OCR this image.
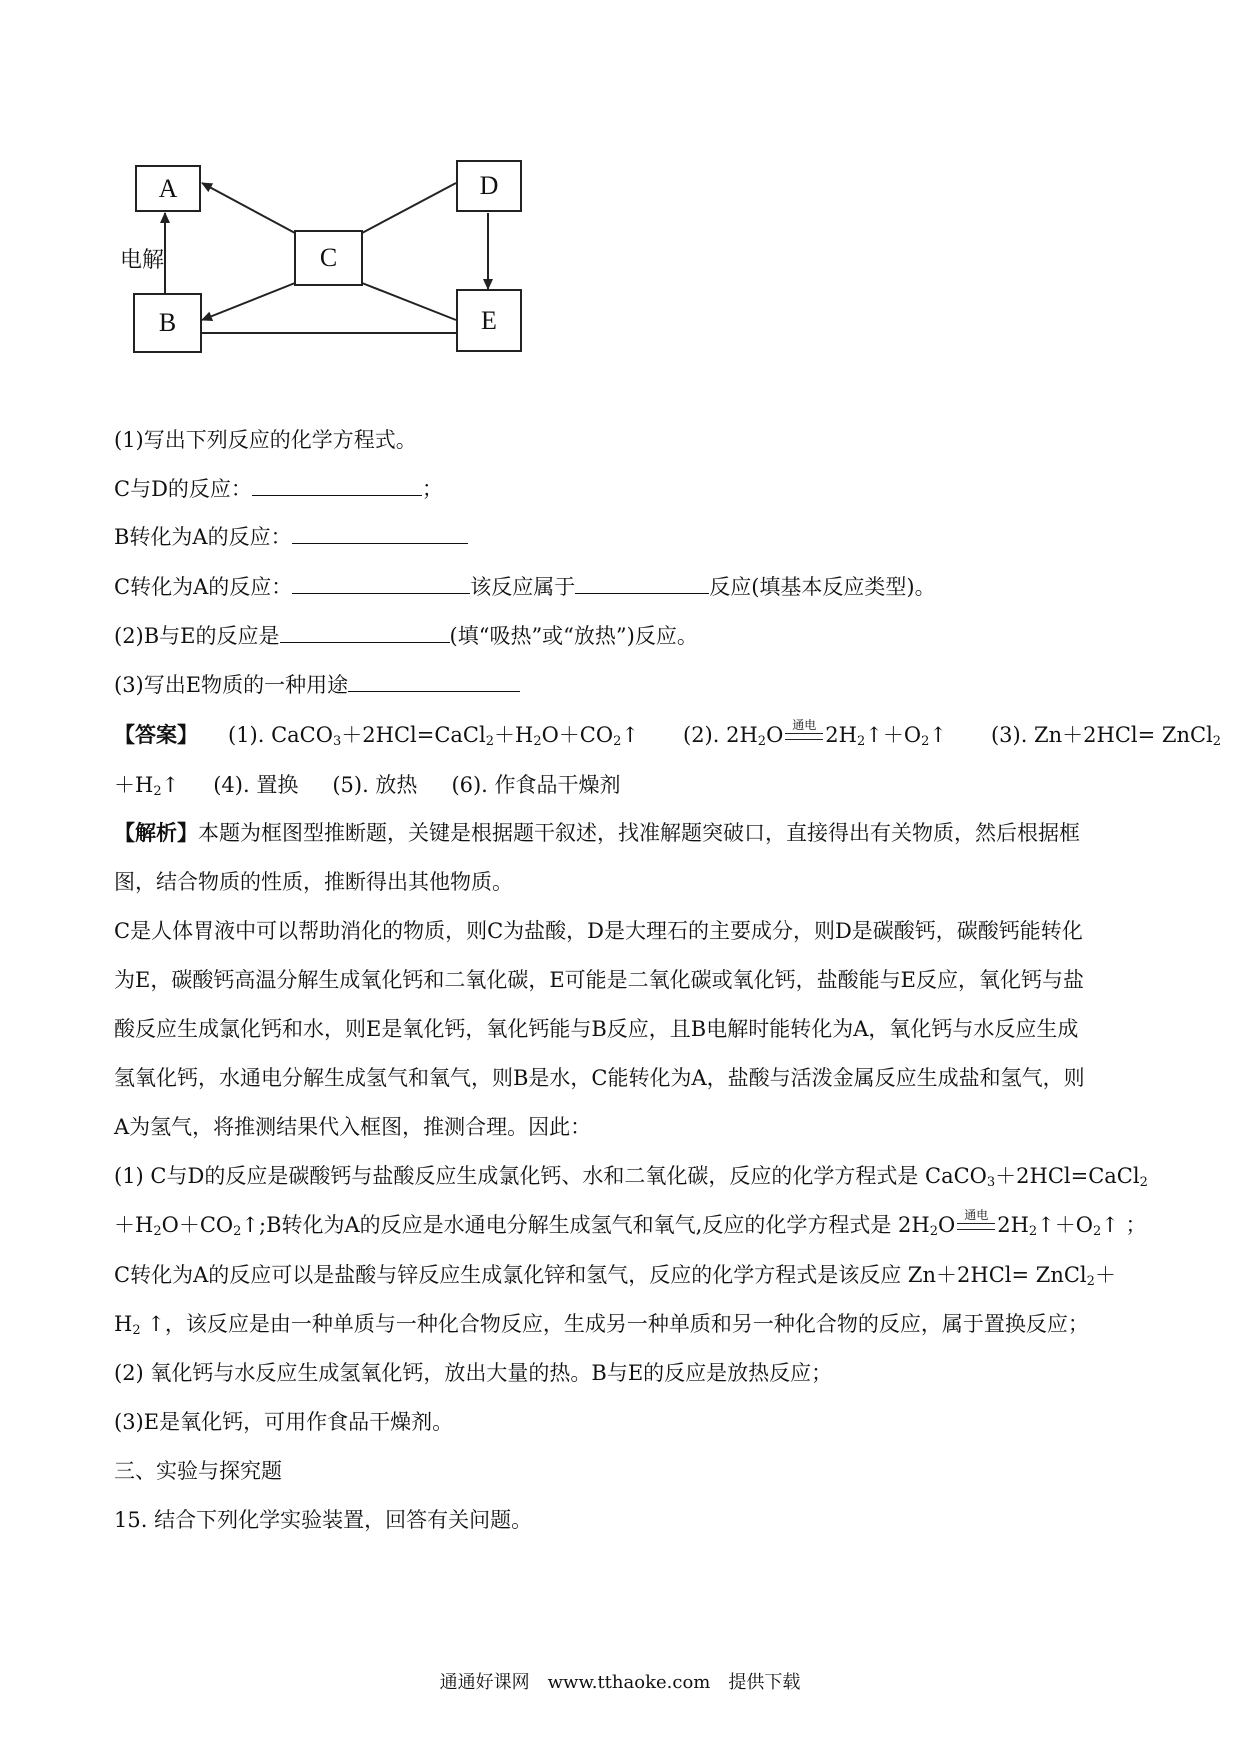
A	D
C
B	E
电解
(1)写出下列反应的化学方程式。
C与D的反应：	；
B转化为A的反应：
C转化为A的反应：	该反应属于	反应(填基本反应类型)。
(2)B与E的反应是	(填“吸热”或“放热”)反应。
(3)写出E物质的一种用途
【答案】 (1). $CaCO_3+2HCl=CaCl_2+H_2O+CO_2↑$ (2). $2H_2O$ 通电 $2H_2↑+O_2↑$ (3). Zn＋2HCl= ZnCl$_2$
$+H_2↑$ (4). 置换 (5). 放热 (6). 作食品干燥剂
【解析】本题为框图型推断题，关键是根据题干叙述，找准解题突破口，直接得出有关物质，然后根据框
图，结合物质的性质，推断得出其他物质。
C是人体胃液中可以帮助消化的物质，则C为盐酸，D是大理石的主要成分，则D是碳酸钙，碳酸钙能转化
为E，碳酸钙高温分解生成氧化钙和二氧化碳，E可能是二氧化碳或氧化钙，盐酸能与E反应，氧化钙与盐
酸反应生成氯化钙和水，则E是氧化钙，氧化钙能与B反应，且B电解时能转化为A，氧化钙与水反应生成
氢氧化钙，水通电分解生成氢气和氧气，则B是水，C能转化为A，盐酸与活泼金属反应生成盐和氢气，则
A为氢气，将推测结果代入框图，推测合理。因此：
(1) C与D的反应是碳酸钙与盐酸反应生成氯化钙、水和二氧化碳，反应的化学方程式是 CaCO$_3$＋2HCl=CaCl$_2$
$+H_2O+CO_2↑;B$转化为A的反应是水通电分解生成氢气和氧气,反应的化学方程式是 $2H_2O$ 通电 $2H_2↑+O_2↑$ ；
C转化为A的反应可以是盐酸与锌反应生成氯化锌和氢气，反应的化学方程式是该反应 Zn＋2HCl= ZnCl$_2$＋
$H_2$ ↑，该反应是由一种单质与一种化合物反应，生成另一种单质和另一种化合物的反应，属于置换反应；
(2) 氧化钙与水反应生成氢氧化钙，放出大量的热。B与E的反应是放热反应；
(3)E是氧化钙，可用作食品干燥剂。
三、实验与探究题
15. 结合下列化学实验装置，回答有关问题。
通通好课网　www.tthaoke.com　提供下载
